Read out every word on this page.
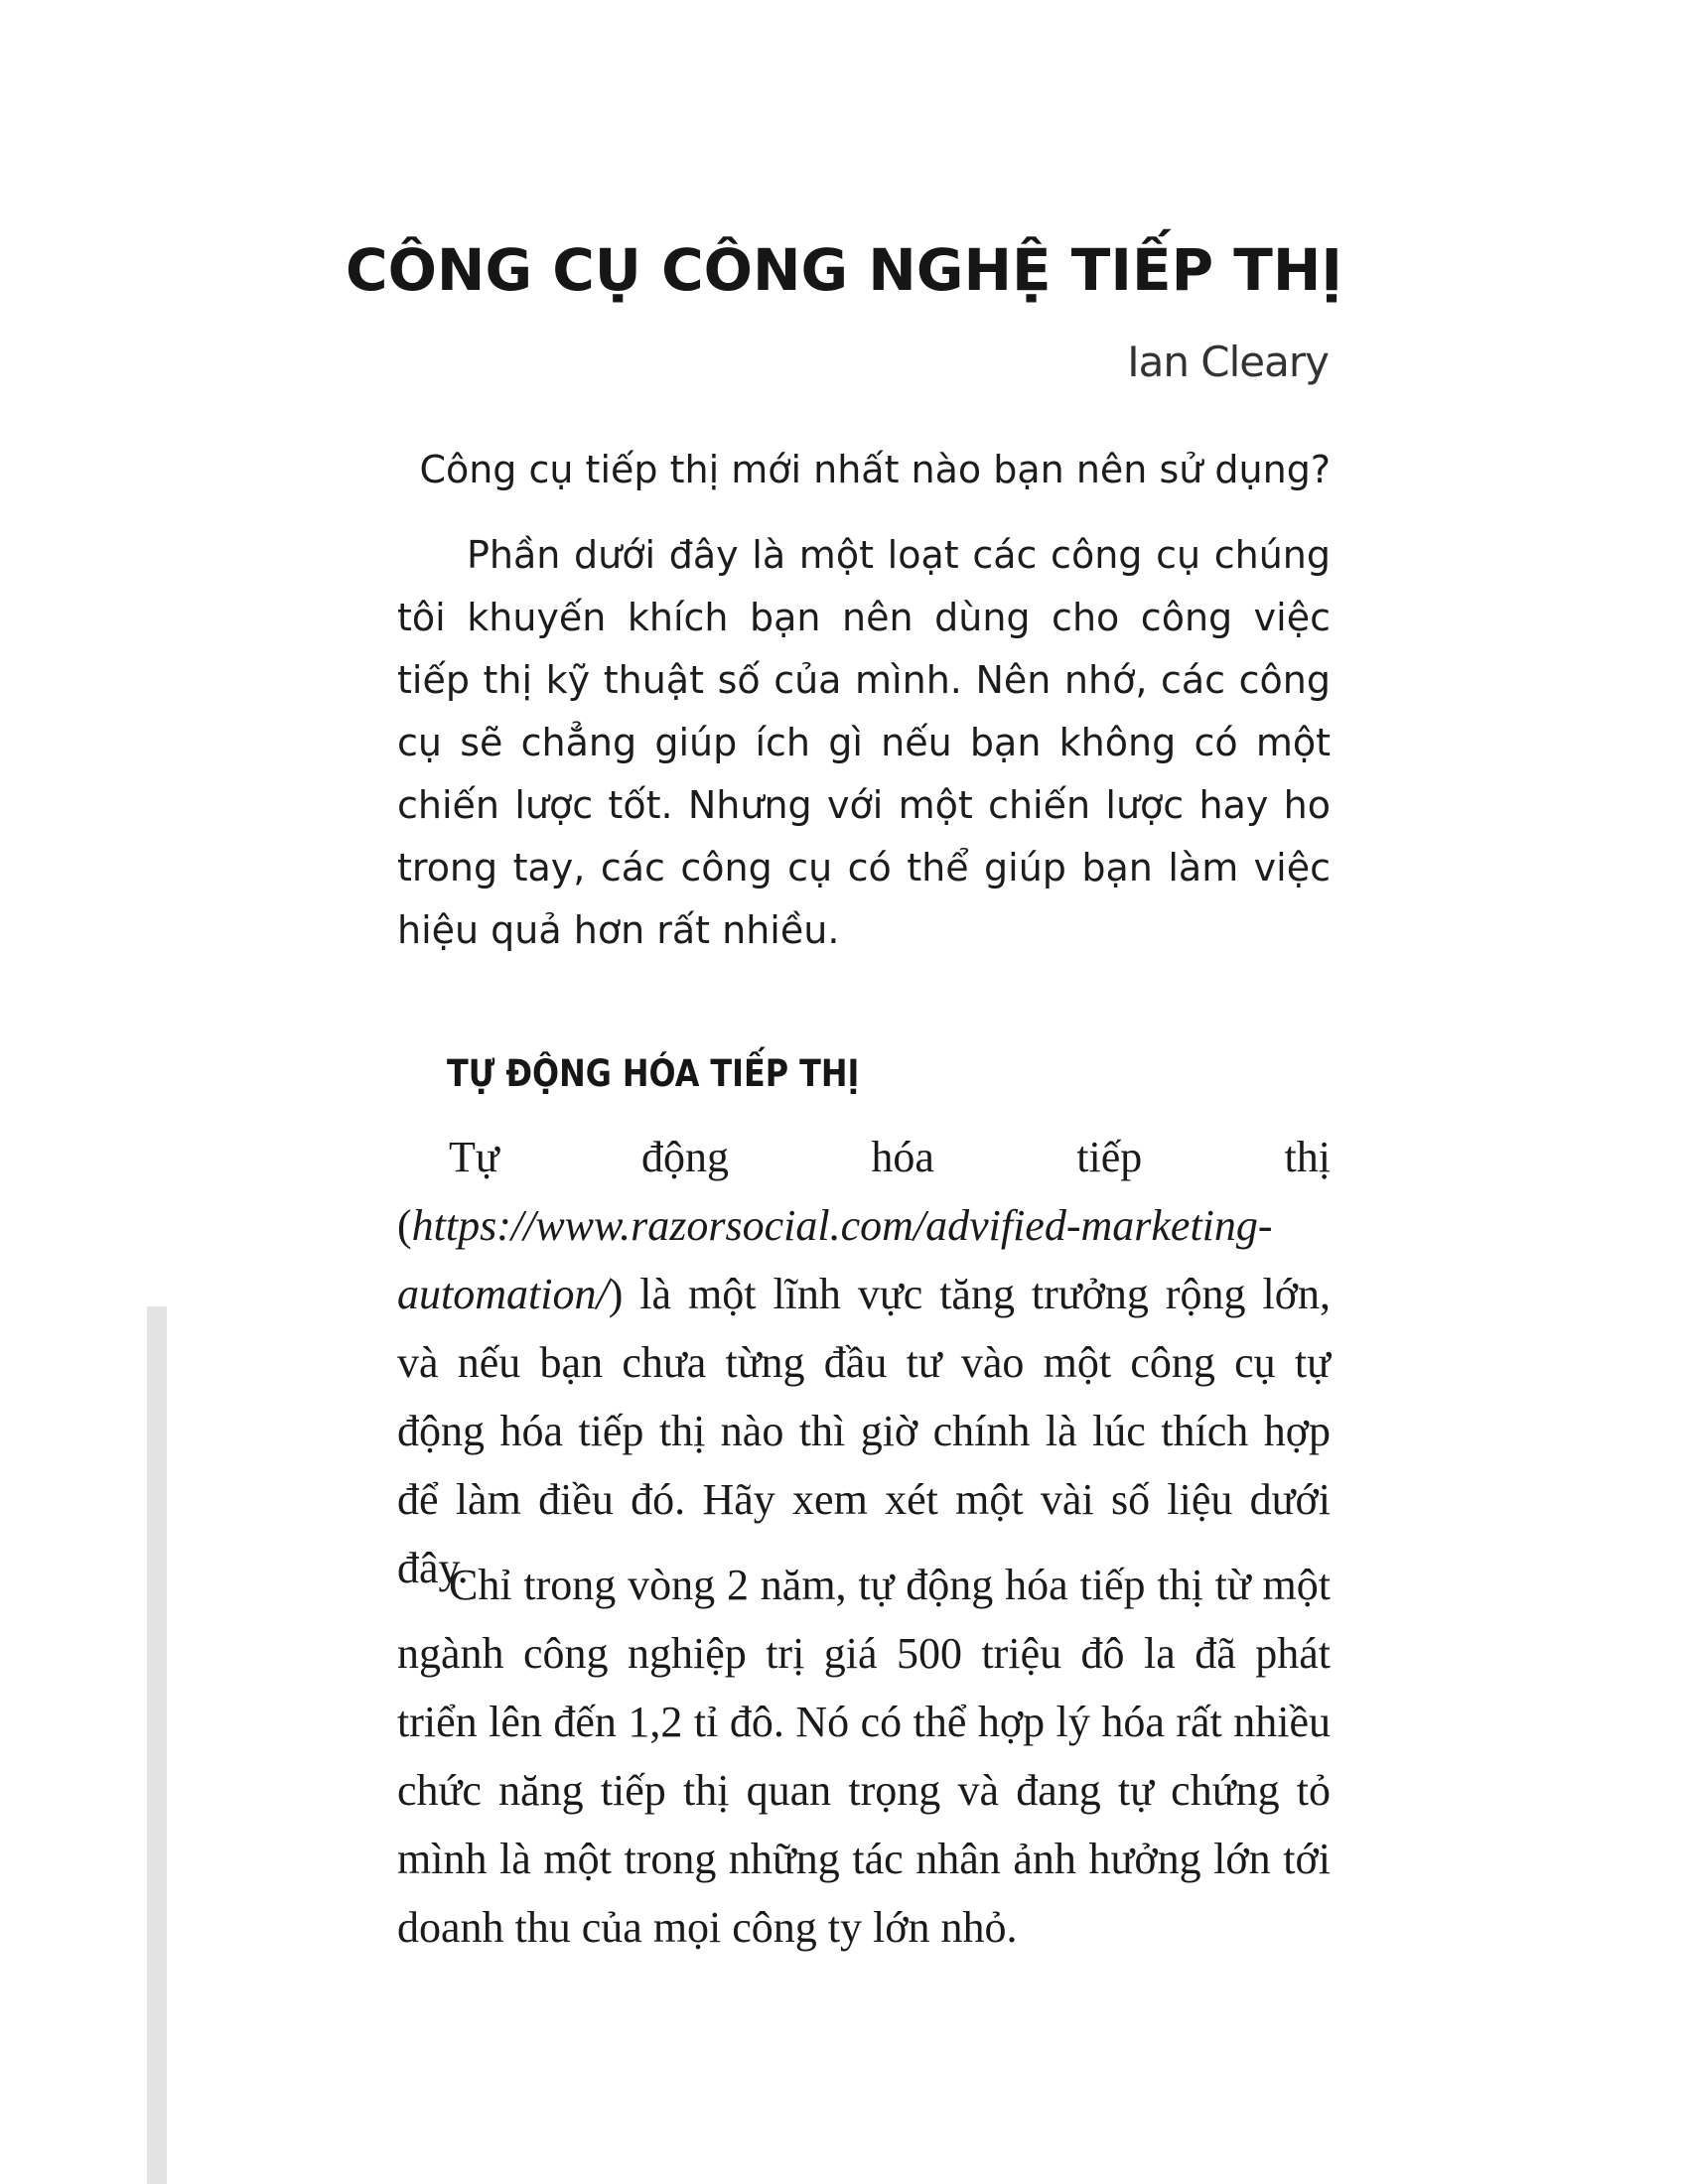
CÔNG CỤ CÔNG NGHỆ TIẾP THỊ
Ian Cleary

Công cụ tiếp thị mới nhất nào bạn nên sử dụng?

Phần dưới đây là một loạt các công cụ chúng tôi khuyến khích bạn nên dùng cho công việc tiếp thị kỹ thuật số của mình. Nên nhớ, các công cụ sẽ chẳng giúp ích gì nếu bạn không có một chiến lược tốt. Nhưng với một chiến lược hay ho trong tay, các công cụ có thể giúp bạn làm việc hiệu quả hơn rất nhiều.

TỰ ĐỘNG HÓA TIẾP THỊ

Tự động hóa tiếp thị (https://www.razorsocial.com/advified-marketing-automation/) là một lĩnh vực tăng trưởng rộng lớn, và nếu bạn chưa từng đầu tư vào một công cụ tự động hóa tiếp thị nào thì giờ chính là lúc thích hợp để làm điều đó. Hãy xem xét một vài số liệu dưới đây.

Chỉ trong vòng 2 năm, tự động hóa tiếp thị từ một ngành công nghiệp trị giá 500 triệu đô la đã phát triển lên đến 1,2 tỉ đô. Nó có thể hợp lý hóa rất nhiều chức năng tiếp thị quan trọng và đang tự chứng tỏ mình là một trong những tác nhân ảnh hưởng lớn tới doanh thu của mọi công ty lớn nhỏ.
